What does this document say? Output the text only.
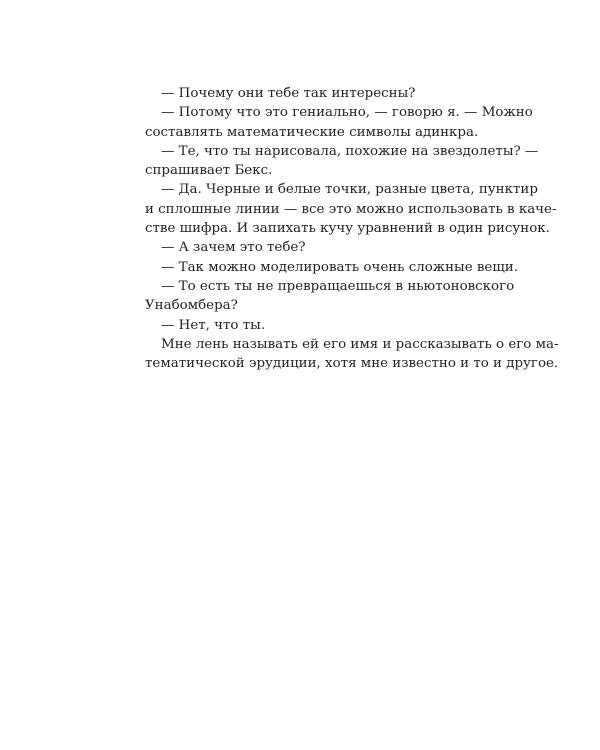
— Почему они тебе так интересны?
— Потому что это гениально, — говорю я. — Можно
составлять математические символы адинкра.
— Те, что ты нарисовала, похожие на звездолеты? —
спрашивает Бекс.
— Да. Черные и белые точки, разные цвета, пунктир
и сплошные линии — все это можно использовать в каче-
стве шифра. И запихать кучу уравнений в один рисунок.
— А зачем это тебе?
— Так можно моделировать очень сложные вещи.
— То есть ты не превращаешься в ньютоновского
Унабомбера?
— Нет, что ты.
Мне лень называть ей его имя и рассказывать о его ма-
тематической эрудиции, хотя мне известно и то и другое.
